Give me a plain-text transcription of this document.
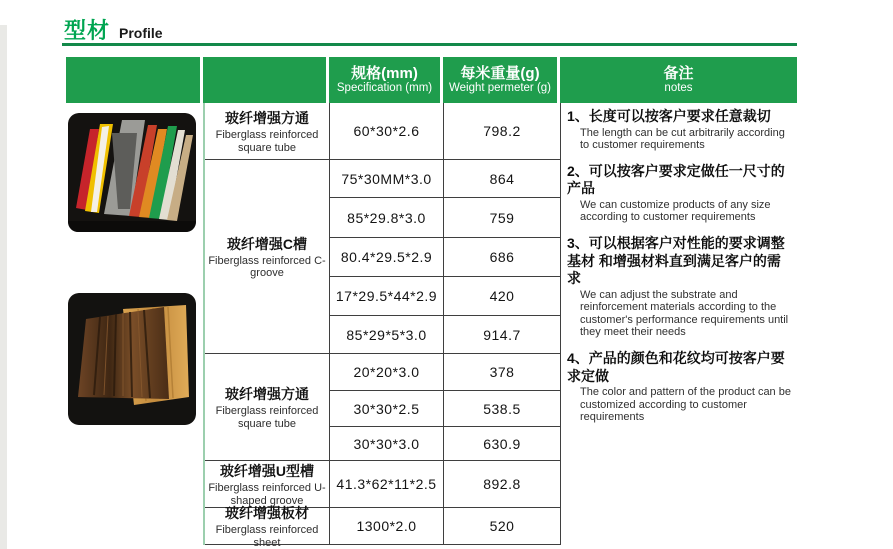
型材 Profile
规格(mm)
Specification (mm)
每米重量(g)
Weight permeter (g)
备注
notes
玻纤增强方通
Fiberglass reinforced square tube
玻纤增强C槽
Fiberglass reinforced C-groove
玻纤增强方通
Fiberglass reinforced square tube
玻纤增强U型槽
Fiberglass reinforced U-shaped groove
玻纤增强板材
Fiberglass reinforced sheet
60*30*2.6
75*30MM*3.0
85*29.8*3.0
80.4*29.5*2.9
17*29.5*44*2.9
85*29*5*3.0
20*20*3.0
30*30*2.5
30*30*3.0
41.3*62*11*2.5
1300*2.0
798.2
864
759
686
420
914.7
378
538.5
630.9
892.8
520
1、长度可以按客户要求任意裁切
The length can be cut arbitrarily according to customer requirements
2、可以按客户要求定做任一尺寸的产品
We can customize products of any size according to customer requirements
3、可以根据客户对性能的要求调整基材 和增强材料直到满足客户的需求
We can adjust the substrate and reinforcement materials according to the customer's performance requirements until they meet their needs
4、产品的颜色和花纹均可按客户要求定做
The color and pattern of the product can be customized according to customer requirements
